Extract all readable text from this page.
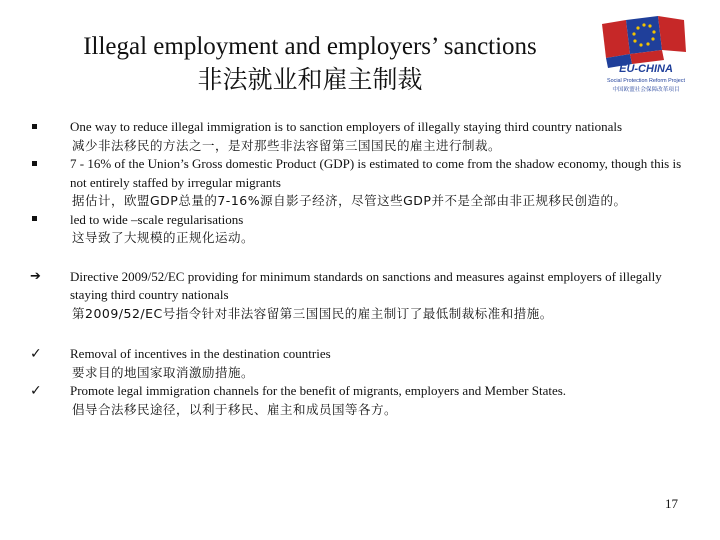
Illegal employment and employers’ sanctions
非法就业和雇主制裁	EU-CHINA
Social Protection Reform Project
中国欧盟社会保障改革项目
One way to reduce illegal immigration is to sanction employers of illegally staying third country nationals
减少非法移民的方法之一，是对那些非法容留第三国国民的雇主进行制裁。
7 - 16% of the Union’s Gross domestic Product (GDP) is estimated to come from the shadow economy, though this is not entirely staffed by irregular migrants
据估计，欧盟GDP总量的7-16%源自影子经济，尽管这些GDP并不是全部由非正规移民创造的。
led to wide –scale regularisations
这导致了大规模的正规化运动。
➔	Directive 2009/52/EC providing for minimum standards on sanctions and measures against employers of illegally staying third country nationals
第2009/52/EC号指令针对非法容留第三国国民的雇主制订了最低制裁标准和措施。
✓	Removal of incentives in the destination countries
要求目的地国家取消激励措施。
✓	Promote legal immigration channels for the benefit of migrants, employers and Member States.
倡导合法移民途径，以利于移民、雇主和成员国等各方。
17
